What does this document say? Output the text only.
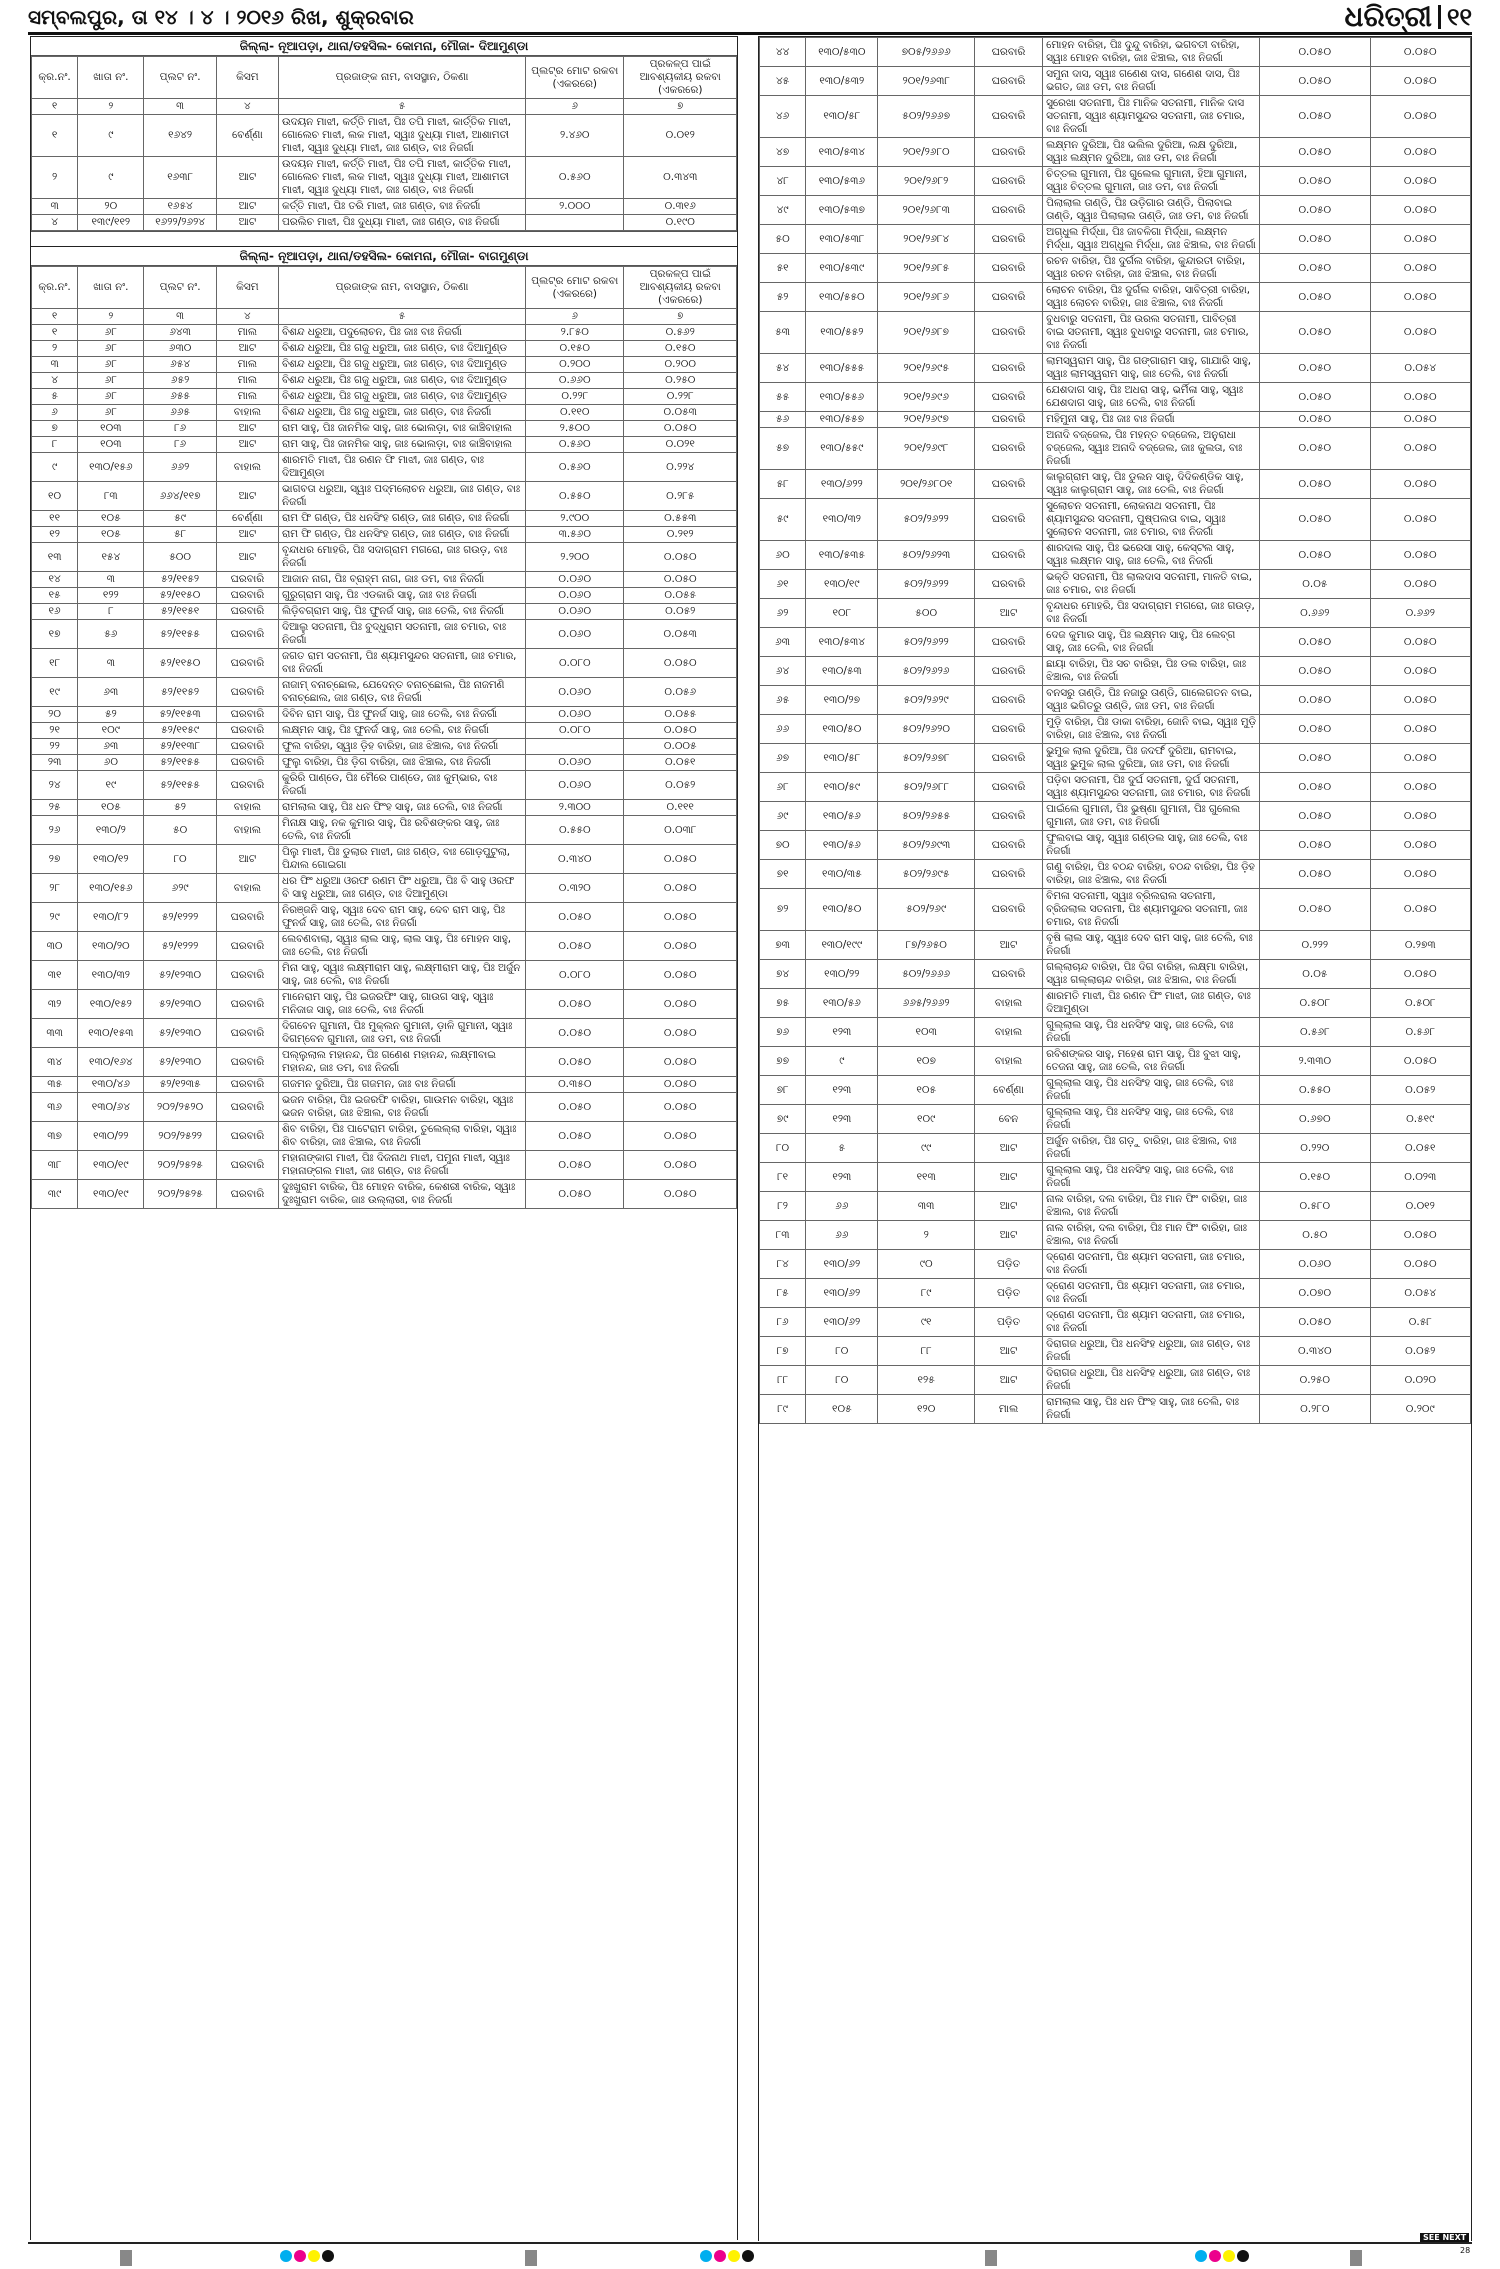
ସମ୍ବଲପୁର, ତା ୧୪ । ୪ । ୨୦୧୬ ରିଖ, ଶୁକ୍ରବାର	ଧରିତ୍ରୀ ୧୧
ଜିଲ୍ଲା- ନୂଆପଡ଼ା, ଥାନା/ତହସିଲ- କୋମନା, ମୌଜା- ଦିଆମୁଣ୍ଡା
କ୍ର.ନଂ.	ଖାତା ନଂ.	ପ୍ଲଟ ନଂ.	କିସମ	ପ୍ରଜାଙ୍କ ନାମ, ବାସସ୍ଥାନ, ଠିକଣା	ପ୍ଲଟ୍‌ର ମୋଟ ରକବା (ଏକରରେ)	ପ୍ରକଳ୍ପ ପାଇଁ ଆବଶ୍ୟକୀୟ ରକବା (ଏକରରେ)
୧	୨	୩	୪	୫	୬	୭
୧	୯	୧୬୪୨	ବେର୍ଣ୍ଣା	ଉଦୟନ ମାଝୀ, କର୍ତ୍ତି ମାଝୀ, ପିଃ ତପି ମାଝୀ, କାର୍ତ୍ତିକ ମାଝୀ, ଗୋଲେଚ ମାଝୀ, ଲକ ମାଝୀ, ସ୍ୱାଃ ଦୁଧ୍ୟା ମାଝୀ, ଆଶାମତୀ ମାଝୀ, ସ୍ୱାଃ ଦୁଧ୍ୟା ମାଝୀ, ଜାଃ ଗଣ୍ଡ, ବାଃ ନିଜର୍ଗା	୨.୪୬୦	୦.୦୧୨
୨	୯	୧୬୩୮	ଆଟ	ଉଦୟନ ମାଝୀ, କର୍ତ୍ତି ମାଝୀ, ପିଃ ତପି ମାଝୀ, କାର୍ତ୍ତିକ ମାଝୀ, ଗୋଲେଚ ମାଝୀ, ଲକ ମାଝୀ, ସ୍ୱାଃ ଦୁଧ୍ୟା ମାଝୀ, ଆଶାମତୀ ମାଝୀ, ସ୍ୱାଃ ଦୁଧ୍ୟା ମାଝୀ, ଜାଃ ଗଣ୍ଡ, ବାଃ ନିଜର୍ଗା	୦.୫୬୦	୦.୩୪୩
୩	୨୦	୧୬୫୪	ଆଟ	କର୍ତ୍ତି ମାଝୀ, ପିଃ ତରି ମାଝୀ, ଜାଃ ଗଣ୍ଡ, ବାଃ ନିଜର୍ଗା	୨.୦୦୦	୦.୩୧୬
୪	୧୩୯/୧୧୨	୧୬୨୨/୨୬୨୪	ଆଟ	ପରଲିଚ ମାଝୀ, ପିଃ ଦୁଧ୍ୟା ମାଝୀ, ଜାଃ ଗଣ୍ଡ, ବାଃ ନିଜର୍ଗା		୦.୧୯୦
ଜିଲ୍ଲା- ନୂଆପଡ଼ା, ଥାନା/ତହସିଲ- କୋମନା, ମୌଜା- ବାଗମୁଣ୍ଡା
କ୍ର.ନଂ.	ଖାତା ନଂ.	ପ୍ଲଟ ନଂ.	କିସମ	ପ୍ରଜାଙ୍କ ନାମ, ବାସସ୍ଥାନ, ଠିକଣା	ପ୍ଲଟ୍‌ର ମୋଟ ରକବା (ଏକରରେ)	ପ୍ରକଳ୍ପ ପାଇଁ ଆବଶ୍ୟକୀୟ ରକବା (ଏକରରେ)
୧	୨	୩	୪	୫	୬	୭
୧	୬୮	୬୪୩	ମାଲ	ବିଶନ୍ଦ ଧରୁଆ, ପଦୁଲୋଚନ, ପିଃ ଜାଃ ବାଃ ନିଜର୍ଗା	୨.୮୫୦	୦.୫୬୨
୨	୬୮	୬୩୦	ଆଟ	ବିଶନ୍ଦ ଧରୁଆ, ପିଃ ଗଜୁ ଧରୁଆ, ଜାଃ ଗଣ୍ଡ, ବାଃ ଦିଆମୁଣ୍ଡ	୦.୧୫୦	୦.୧୫୦
୩	୬୮	୬୫୪	ମାଲ	ବିଶନ୍ଦ ଧରୁଆ, ପିଃ ଗଜୁ ଧରୁଆ, ଜାଃ ଗଣ୍ଡ, ବାଃ ଦିଆମୁଣ୍ଡ	୦.୨୦୦	୦.୨୦୦
୪	୬୮	୬୫୨	ମାଲ	ବିଶନ୍ଦ ଧରୁଆ, ପିଃ ଗଜୁ ଧରୁଆ, ଜାଃ ଗଣ୍ଡ, ବାଃ ଦିଆମୁଣ୍ଡ	୦.୬୬୦	୦.୨୫୦
୫	୬୮	୬୫୫	ମାଲ	ବିଶନ୍ଦ ଧରୁଆ, ପିଃ ଗଜୁ ଧରୁଆ, ଜାଃ ଗଣ୍ଡ, ବାଃ ଦିଆମୁଣ୍ଡ	୦.୨୨୮	୦.୨୨୮
୬	୬୮	୬୬୫	ବାହାଲ	ବିଶନ୍ଦ ଧରୁଆ, ପିଃ ଗଜୁ ଧରୁଆ, ଜାଃ ଗଣ୍ଡ, ବାଃ ନିଜର୍ଗା	୦.୧୧୦	୦.୦୫୩
୭	୧୦୩	୮୬	ଆଟ	ରାମ ସାହୁ, ପିଃ ଜାନମିକ ସାହୁ, ଜାଃ ଭୋଲଡ଼ା, ବାଃ କାଞ୍ଚିବାହାଲ	୨.୫୦୦	୦.୦୫୦
୮	୧୦୩	୮୬	ଆଟ	ରାମ ସାହୁ, ପିଃ ଜାନମିକ ସାହୁ, ଜାଃ ଭୋଲଡ଼ା, ବାଃ କାଞ୍ଚିବାହାଲ	୦.୫୬୦	୦.୦୨୧
୯	୧୩୦/୧୫୬	୬୬୨	ବାହାଲ	ଶାରମତି ମାଝୀ, ପିଃ ରଣନ ଫି ମାଝୀ, ଜାଃ ଗଣ୍ଡ, ବାଃ ଦିଆମୁଣ୍ଡା	୦.୫୬୦	୦.୨୨୪
୧୦	୮୩	୬୬୪/୧୧୭	ଆଟ	ଭାଗବତା ଧରୁଆ, ସ୍ୱାଃ ପଦ୍ମଲୋଚନ ଧରୁଆ, ଜାଃ ଗଣ୍ଡ, ବାଃ ନିଜର୍ଗା	୦.୫୫୦	୦.୨୮୫
୧୧	୧୦୫	୫୯	ବେର୍ଣ୍ଣା	ରାମ ଫି ଗଣ୍ଡ, ପିଃ ଧନସିଂହ ଗଣ୍ଡ, ଜାଃ ଗଣ୍ଡ, ବାଃ ନିଜର୍ଗା	୨.୯୦୦	୦.୫୫୩
୧୨	୧୦୫	୫୮	ଆଟ	ରାମ ଫି ଗଣ୍ଡ, ପିଃ ଧନସିଂହ ଗଣ୍ଡ, ଜାଃ ଗଣ୍ଡ, ବାଃ ନିଜର୍ଗା	୩.୫୬୦	୦.୨୧୨
୧୩	୧୫୪	୫୦୦	ଆଟ	ବୃନ୍ଦାଧର ମୋହରି, ପିଃ ସଦାଗ୍ରାମ ମଗରୋ, ଜାଃ ଗଉଡ଼, ବାଃ ନିଜର୍ଗା	୨.୨୦୦	୦.୦୫୦
୧୪	୩	୫୨/୧୧୫୨	ଘରବାରି	ଆଜାନ ନାଗ, ପିଃ ବ୍ରାହ୍ମ ନାଗ, ଜାଃ ଡମ, ବାଃ ନିଜର୍ଗା	୦.୦୬୦	୦.୦୫୦
୧୫	୧୨୨	୫୨/୧୧୫୦	ଘରବାରି	ଗୁରୁଗ୍ରାମ ସାହୁ, ପିଃ ଏଡକାରି ସାହୁ, ଜାଃ ବାଃ ନିଜର୍ଗା	୦.୦୬୦	୦.୦୫୫
୧୬	୮	୫୨/୧୧୫୧	ଘରବାରି	ଲିଡ଼ିବଗ୍ରାମ ସାହୁ, ପିଃ ଫୁନର୍ଜ ସାହୁ, ଜାଃ ତେଲି, ବାଃ ନିଜର୍ଗା	୦.୦୬୦	୦.୦୫୨
୧୭	୫୬	୫୨/୧୧୫୫	ଘରବାରି	ଦିଆଲୁ ସତନାମୀ, ପିଃ ବୁଦ୍ଧୁରାମ ସତନାମୀ, ଜାଃ ଚମାର, ବାଃ ନିଜର୍ଗା	୦.୦୬୦	୦.୦୫୩
୧୮	୩	୫୨/୧୧୫୦	ଘରବାରି	ଜଗତ ରାମ ସତନାମୀ, ପିଃ ଶ୍ୟାମସୁନ୍ଦର ସତନାମୀ, ଜାଃ ଚମାର, ବାଃ ନିଜର୍ଗା	୦.୦୮୦	୦.୦୫୦
୧୯	୬୩	୫୨/୧୧୫୨	ଘରବାରି	ନାଜାମ୍ ବନାଚ୍ଛୋଲ, ଯେଦେନ୍ତ ବନାଚ୍ଛୋଲ, ପିଃ ନାଜମଣି ବନାଚ୍ଛୋଲ, ଜାଃ ଗଣ୍ଡ, ବାଃ ନିଜର୍ଗା	୦.୦୬୦	୦.୦୫୬
୨୦	୫୨	୫୨/୧୧୫୩	ଘରବାରି	ଦିବିନ ରାମ ସାହୁ, ପିଃ ଫୁନର୍ଜ ସାହୁ, ଜାଃ ତେଲି, ବାଃ ନିଜର୍ଗା	୦.୦୬୦	୦.୦୫୫
୨୧	୧୦୯	୫୨/୧୧୫୯	ଘରବାରି	ଲକ୍ଷ୍ମନ ସାହୁ, ପିଃ ଫୁନର୍ଜ ସାହୁ, ଜାଃ ତେଲି, ବାଃ ନିଜର୍ଗା	୦.୦୮୦	୦.୦୫୦
୨୨	୬୩	୫୨/୧୧୩୮	ଘରବାରି	ଫୁଲ ବାରିହା, ସ୍ୱାଃ ଡ଼ିହ ବାରିହା, ଜାଃ ଝିଞ୍ଚାଲ, ବାଃ ନିଜର୍ଗା		୦.୦୦୫
୨୩	୬୦	୫୨/୧୧୫୫	ଘରବାରି	ଫୁଲୁ ବାରିହା, ପିଃ ଡ଼ିଗ ବାରିହା, ଜାଃ ଝିଞ୍ଚାଲ, ବାଃ ନିଜର୍ଗା	୦.୦୬୦	୦.୦୫୧
୨୪	୧୯	୫୨/୧୧୫୫	ଘରବାରି	କୁରିରି ପାଣ୍ଡେ, ପିଃ ମୈରେ ପାଣ୍ଡେ, ଜାଃ କୁମ୍ଭାର, ବାଃ ନିଜର୍ଗା	୦.୦୬୦	୦.୦୫୨
୨୫	୧୦୫	୫୨	ବାହାଲ	ରାମଲାଲ ସାହୁ, ପିଃ ଧନ ଫିଂହ ସାହୁ, ଜାଃ ତେଲି, ବାଃ ନିଜର୍ଗା	୨.୩୦୦	୦.୧୧୧
୨୬	୧୩୦/୨	୫୦	ବାହାଲ	ମିନାକ୍ଷ ସାହୁ, ନକ କୁମାର ସାହୁ, ପିଃ ରବିଶଙ୍କର ସାହୁ, ଜାଃ ତେଲି, ବାଃ ନିଜର୍ଗା	୦.୫୫୦	୦.୦୩୮
୨୭	୧୩୦/୧୨	୮୦	ଆଟ	ପିଲୁ ମାଝୀ, ପିଃ ଡୁଲାର ମାଝୀ, ଜାଃ ଗଣ୍ଡ, ବାଃ ଗୋଡ଼ପୁଟୁଲା, ପିନ୍ଦାଲ ଗୋଇଗା	୦.୩୪୦	୦.୦୫୦
୨୮	୧୩୦/୧୫୬	୬୨୯	ବାହାଲ	ଧର ଫିଂ ଧରୁଆ ଓରଫ ରଣମ ଫିଂ ଧରୁଆ, ପିଃ ବି ସାହୁ ଓରଫ ବି ସାହୁ ଧରୁଆ, ଜାଃ ଗଣ୍ଡ, ବାଃ ଦିଆମୁଣ୍ଡା	୦.୩୨୦	୦.୦୫୦
୨୯	୧୩୦/୮୨	୫୨/୧୨୨୨	ଘରବାରି	ନିରଞ୍ଜନି ସାହୁ, ସ୍ୱାଃ ଦେବ ରାମ ସାହୁ, ଦେବ ରାମ ସାହୁ, ପିଃ ଫୁନର୍ଜ ସାହୁ, ଜାଃ ତେଲି, ବାଃ ନିଜର୍ଗା	୦.୦୫୦	୦.୦୫୦
୩୦	୧୩୦/୨୦	୫୨/୧୨୨୨	ଘରବାରି	ଲେବଣବାଲା, ସ୍ୱାଃ ଲାଲ ସାହୁ, ଲାଲ ସାହୁ, ପିଃ ମୋହନ ସାହୁ, ଜାଃ ତେଲି, ବାଃ ନିଜର୍ଗା	୦.୦୫୦	୦.୦୫୦
୩୧	୧୩୦/୩୨	୫୨/୧୨୩୦	ଘରବାରି	ମିନା ସାହୁ, ସ୍ୱାଃ ଲକ୍ଷ୍ମୀରାମ ସାହୁ, ଲକ୍ଷ୍ମୀରାମ ସାହୁ, ପିଃ ଅର୍ଜୁନ ସାହୁ, ଜାଃ ତେଲି, ବାଃ ନିଜର୍ଗା	୦.୦୮୦	୦.୦୫୦
୩୨	୧୩୦/୧୫୨	୫୨/୧୨୩୦	ଘରବାରି	ମାନେରାମ ସାହୁ, ପିଃ ଇଜରଫିଂ ସାହୁ, ଗାଉଗ ସାହୁ, ସ୍ୱାଃ ମନିଜାଜ ସାହୁ, ଜାଃ ତେଲି, ବାଃ ନିଜର୍ଗା	୦.୦୫୦	୦.୦୫୦
୩୩	୧୩୦/୧୫୩	୫୨/୧୨୩୦	ଘରବାରି	ଦିଗବେନ ଗୁମାନୀ, ପିଃ ମୁକ୍ଲନ ଗୁମାନୀ, ଡ଼ାଳି ଗୁମାନୀ, ସ୍ୱାଃ ଦିଗମ୍ବେନ ଗୁମାନୀ, ଜାଃ ଡମ, ବାଃ ନିଜର୍ଗା	୦.୦୫୦	୦.୦୫୦
୩୪	୧୩୦/୧୬୪	୫୨/୧୨୩୦	ଘରବାରି	ପଲ୍ଲୁଲାଲ ମହାନନ୍ଦ, ପିଃ ଗଣେଶ ମହାନନ୍ଦ, ଲକ୍ଷ୍ମୀବାଇ ମହାନନ୍ଦ, ଜାଃ ଡମ, ବାଃ ନିଜର୍ଗା	୦.୦୫୦	୦.୦୫୦
୩୫	୧୩୦/୪୬	୫୨/୧୨୩୫	ଘରବାରି	ଗଜମନ ଦୁରିଆ, ପିଃ ଗଜମନ, ଜାଃ ବାଃ ନିଜର୍ଗା	୦.୩୫୦	୦.୦୫୦
୩୬	୧୩୦/୬୪	୨୦୨/୨୫୨୦	ଘରବାରି	ଭଜନ ବାରିହା, ପିଃ ଇଜରଫି ବାରିହା, ଗାଉମନ ବାରିହା, ସ୍ୱାଃ ଭଜନ ବାରିହା, ଜାଃ ଝିଞ୍ଚାଲ, ବାଃ ନିଜର୍ଗା	୦.୦୫୦	୦.୦୫୦
୩୭	୧୩୦/୨୨	୨୦୨/୨୫୨୨	ଘରବାରି	ଶିବ ବାରିହା, ପିଃ ପାଟେରାମ ବାରିହା, ତୁଲେଲ୍ଲା ବାରିହା, ସ୍ୱାଃ ଶିବ ବାରିହା, ଜାଃ ଝିଞ୍ଚାଲ, ବାଃ ନିଜର୍ଗା	୦.୦୫୦	୦.୦୫୦
୩୮	୧୩୦/୧୯	୨୦୨/୨୫୨୫	ଘରବାରି	ମହାନାଙ୍କାଗ ମାଝୀ, ପିଃ ଦିଜନାଥ ମାଝୀ, ପମୁନା ମାଝୀ, ସ୍ୱାଃ ମହାନାଙ୍ଗଲ ମାଝୀ, ଜାଃ ଗଣ୍ଡ, ବାଃ ନିଜର୍ଗା	୦.୦୫୦	୦.୦୫୦
୩୯	୧୩୦/୧୯	୨୦୨/୨୫୨୫	ଘରବାରି	ଦୁଃଖୁରାମ ବାରିକ, ପିଃ ମୋହନ ବାରିକ, କେଶରୀ ବାରିକ, ସ୍ୱାଃ ଦୁଃଖୁରାମ ବାରିକ, ଜାଃ ଉଲ୍ଲାରୀ, ବାଃ ନିଜର୍ଗା	୦.୦୫୦	୦.୦୫୦
୪୪	୧୩୦/୫୩୦	୭୦୫/୨୬୬୬	ଘରବାରି	ମୋହନ ବାରିହା, ପିଃ ଦୁନ୍ଦୁ ବାରିହା, ଭଗବତୀ ବାରିହା, ସ୍ୱାଃ ମୋହନ ବାରିହା, ଜାଃ ଝିଞ୍ଚାଲ, ବାଃ ନିଜର୍ଗା	୦.୦୫୦	୦.୦୫୦
୪୫	୧୩୦/୫୩୨	୨୦୧/୨୬୩୮	ଘରବାରି	ସମୁନା ଦାସ, ସ୍ୱାଃ ଗଣେଶ ଦାସ, ଗଣେଶ ଦାସ, ପିଃ ଭଗତ, ଜାଃ ଡମ, ବାଃ ନିଜର୍ଗା	୦.୦୫୦	୦.୦୫୦
୪୬	୧୩୦/୫୮	୫୦୨/୨୬୬୭	ଘରବାରି	ସୁରେଖା ସତନାମୀ, ପିଃ ମାନିକ ସତନାମୀ, ମାନିକ ଦାସ ସତନାମୀ, ସ୍ୱାଃ ଶ୍ୟାମସୁନ୍ଦର ସତନାମୀ, ଜାଃ ଚମାର, ବାଃ ନିଜର୍ଗା	୦.୦୫୦	୦.୦୫୦
୪୭	୧୩୦/୫୩୪	୨୦୧/୨୬୮୦	ଘରବାରି	ଲକ୍ଷ୍ମନ ଦୁରିଆ, ପିଃ ଭଲିଲ ଦୁରିଆ, ଲକ୍ଷ ଦୁରିଆ, ସ୍ୱାଃ ଲକ୍ଷ୍ମନ ଦୁରିଆ, ଜାଃ ଡମ, ବାଃ ନିଜର୍ଗା	୦.୦୫୦	୦.୦୫୦
୪୮	୧୩୦/୫୩୬	୨୦୧/୨୬୮୨	ଘରବାରି	ଚିତ୍ତଲ ଗୁମାନୀ, ପିଃ ଗୁଲେଲ ଗୁମାନୀ, ହିଆ ଗୁମାନୀ, ସ୍ୱାଃ ଚିତ୍ତଲ ଗୁମାନୀ, ଜାଃ ଡମ, ବାଃ ନିଜର୍ଗା	୦.୦୫୦	୦.୦୫୦
୪୯	୧୩୦/୫୩୭	୨୦୧/୨୬୮୩	ଘରବାରି	ପିଲାଲାଲ ତାଣ୍ଡି, ପିଃ ଉଡ଼ିଗାର ତାଣ୍ଡି, ପିଲାବାଇ ତାଣ୍ଡି, ସ୍ୱାଃ ପିଲାଲାଲ ତାଣ୍ଡି, ଜାଃ ଡମ, ବାଃ ନିଜର୍ଗା	୦.୦୫୦	୦.୦୫୦
୫୦	୧୩୦/୫୩୮	୨୦୧/୨୬୮୪	ଘରବାରି	ଅଗ୍ଧୁଲ ମିର୍ଦ୍ଧା, ପିଃ ଜାବଳିଗା ମିର୍ଦ୍ଧା, ଲକ୍ଷ୍ମନ ମିର୍ଦ୍ଧା, ସ୍ୱାଃ ଅଗ୍ଧୁଲ ମିର୍ଦ୍ଧା, ଜାଃ ଝିଞ୍ଚାଲ, ବାଃ ନିଜର୍ଗା	୦.୦୫୦	୦.୦୫୦
୫୧	୧୩୦/୫୩୯	୨୦୧/୨୬୮୫	ଘରବାରି	ରଚନ ବାରିହା, ପିଃ ଦୁର୍ଗଲ ବାରିହା, କୁନ୍ଦାରତୀ ବାରିହା, ସ୍ୱାଃ ରଚନ ବାରିହା, ଜାଃ ଝିଞ୍ଚାଲ, ବାଃ ନିଜର୍ଗା	୦.୦୫୦	୦.୦୫୦
୫୨	୧୩୦/୫୫୦	୨୦୧/୨୬୮୬	ଘରବାରି	ଲୋଚନ ବାରିହା, ପିଃ ଦୁର୍ଗଲ ବାରିହା, ସାବିତ୍ରୀ ବାରିହା, ସ୍ୱାଃ ଲୋଚନ ବାରିହା, ଜାଃ ଝିଞ୍ଚାଲ, ବାଃ ନିଜର୍ଗା	୦.୦୫୦	୦.୦୫୦
୫୩	୧୩୦/୫୫୨	୨୦୧/୨୬୮୭	ଘରବାରି	ବୁଧବାରୁ ସତନାମୀ, ପିଃ ଉରଲ ସତନାମୀ, ପାବିତ୍ରୀ ବାଇ ସତନାମୀ, ସ୍ୱାଃ ବୁଧବାରୁ ସତନାମୀ, ଜାଃ ଚମାର, ବାଃ ନିଜର୍ଗା	୦.୦୫୦	୦.୦୫୦
୫୪	୧୩୦/୫୫୫	୨୦୧/୨୬୯୫	ଘରବାରି	ଲାମସ୍ୱରାମ ସାହୁ, ପିଃ ଗଙ୍ଗାରାମ ସାହୁ, ଗାଯାରି ସାହୁ, ସ୍ୱାଃ ଲାମସ୍ୱରାମ ସାହୁ, ଜାଃ ତେଲି, ବାଃ ନିଜର୍ଗା	୦.୦୫୦	୦.୦୫୪
୫୫	୧୩୦/୫୫୬	୨୦୧/୨୬୯୬	ଘରବାରି	ଯେଶଦାଗ ସାହୁ, ପିଃ ଅଧରା ସାହୁ, ଭର୍ମିଳା ସାହୁ, ସ୍ୱାଃ ଯେଶଦାଗ ସାହୁ, ଜାଃ ତେଲି, ବାଃ ନିଜର୍ଗା	୦.୦୫୦	୦.୦୫୦
୫୬	୧୩୦/୫୫୭	୨୦୧/୨୬୯୭	ଘରବାରି	ମହିମୁନୀ ସାହୁ, ପିଃ ଜାଃ ବାଃ ନିଜର୍ଗା	୦.୦୫୦	୦.୦୫୦
୫୭	୧୩୦/୫୫୯	୨୦୧/୨୬୯୮	ଘରବାରି	ଅନାଦି ବଜ୍ଜେଲ, ପିଃ ମହନ୍ତ ବଜ୍ଜେଲ, ଅନୁରାଧା ବଜ୍ଜେଲ, ସ୍ୱାଃ ଅନାଦି ବଜ୍ଜେଲ, ଜାଃ କୁଲତା, ବାଃ ନିଜର୍ଗା	୦.୦୫୦	୦.୦୫୦
୫୮	୧୩୦/୬୨୨	୨୦୧/୨୬୮୦୧	ଘରବାରି	କାଲୁଗ୍ରାମ ସାହୁ, ପିଃ ଡୁଲନ ସାହୁ, ଦିଦିକଣ୍ଡିକ ସାହୁ, ସ୍ୱାଃ କାଲୁଗ୍ରାମ ସାହୁ, ଜାଃ ତେଲି, ବାଃ ନିଜର୍ଗା	୦.୦୫୦	୦.୦୫୦
୫୯	୧୩୦/୩୨	୫୦୨/୨୬୨୨	ଘରବାରି	ସୁଲୋଚନ ସତନାମୀ, ଲୋକନାଥ ସତନାମୀ, ପିଃ ଶ୍ୟାମସୁନ୍ଦର ସତନାମୀ, ପୁଷ୍ପଲତା ବାଇ, ସ୍ୱାଃ ସୁଲୋଚନ ସତନାମୀ, ଜାଃ ଚମାର, ବାଃ ନିଜର୍ଗା	୦.୦୫୦	୦.୦୫୦
୬୦	୧୩୦/୫୩୫	୫୦୨/୨୬୨୩	ଘରବାରି	ଶାରଦାଲ ସାହୁ, ପିଃ ଭରେସା ସାହୁ, କେସ୍ଟଲ ସାହୁ, ସ୍ୱାଃ ଲକ୍ଷ୍ମନ ସାହୁ, ଜାଃ ତେଲି, ବାଃ ନିଜର୍ଗା	୦.୦୫୦	୦.୦୫୦
୬୧	୧୩୦/୧୯	୫୦୨/୨୬୨୨	ଘରବାରି	ଭକ୍ତି ସତନାମୀ, ପିଃ ଲାଲଦାସ ସତନାମୀ, ମାଳତି ବାଇ, ଜାଃ ଚମାର, ବାଃ ନିଜର୍ଗା	୦.୦୫	୦.୦୫୦
୬୨	୧୦୮	୫୦୦	ଆଟ	ବୃନ୍ଦାଧର ମୋହରି, ପିଃ ସଦାଗ୍ରାମ ମଗରୋ, ଜାଃ ଗଉଡ଼, ବାଃ ନିଜର୍ଗା	୦.୬୬୨	୦.୬୬୨
୬୩	୧୩୦/୫୩୪	୫୦୨/୨୬୨୨	ଘରବାରି	ଦେଜ କୁମାର ସାହୁ, ପିଃ ଲକ୍ଷ୍ମନ ସାହୁ, ପିଃ ଲେବ୍ଗ ସାହୁ, ଜାଃ ତେଲି, ବାଃ ନିଜର୍ଗା	୦.୦୫୦	୦.୦୫୦
୬୪	୧୩୦/୫୩	୫୦୨/୨୬୨୬	ଘରବାରି	ଛାୟା ବାରିହା, ପିଃ ସଚ ବାରିହା, ପିଃ ଡଲ ବାରିହା, ଜାଃ ଝିଞ୍ଚାଲ, ବାଃ ନିଜର୍ଗା	୦.୦୫୦	୦.୦୫୦
୬୫	୧୩୦/୨୭	୫୦୨/୨୬୨୯	ଘରବାରି	ବନସରୁ ତାଣ୍ଡି, ପିଃ ନଜାରୁ ତାଣ୍ଡି, ଗାଲେଗତନ ବାଇ, ସ୍ୱାଃ ଭଗିତରୁ ତାଣ୍ଡି, ଜାଃ ଡମ, ବାଃ ନିଜର୍ଗା	୦.୦୫୦	୦.୦୫୦
୬୬	୧୩୦/୫୦	୫୦୨/୨୬୨୦	ଘରବାରି	ମୁଡ଼ି ବାରିହା, ପିଃ ଡାକା ବାରିହା, ଜୋନି ବାଇ, ସ୍ୱାଃ ମୁଡ଼ି ବାରିହା, ଜାଃ ଝିଞ୍ଚାଲ, ବାଃ ନିଜର୍ଗା	୦.୦୫୦	୦.୦୫୦
୬୭	୧୩୦/୫୮	୫୦୨/୨୬୭୮	ଘରବାରି	ଭୁମୁକ ଲାଲ ଦୁରିଆ, ପିଃ ଜଦର୍ଫ ଦୁରିଆ, ରାମବାଇ, ସ୍ୱାଃ ଭୁମୁକ ଲାଲ ଦୁରିଆ, ଜାଃ ଡମ, ବାଃ ନିଜର୍ଗା	୦.୦୫୦	୦.୦୫୦
୬୮	୧୩୦/୫୯	୫୦୨/୨୬୮୮	ଘରବାରି	ପଡ଼ିବା ସତନାମୀ, ପିଃ ଦୁର୍ଘ ସତନାମୀ, ଦୁର୍ଘ ସତନାମୀ, ସ୍ୱାଃ ଶ୍ୟାମସୁନ୍ଦର ସତନାମୀ, ଜାଃ ଚମାର, ବାଃ ନିଜର୍ଗା	୦.୦୫୦	୦.୦୫୦
୬୯	୧୩୦/୫୬	୫୦୨/୨୬୫୫	ଘରବାରି	ପାଇଁଲେ ଗୁମାନୀ, ପିଃ ଭୁଷ୍ଣା ଗୁମାନୀ, ପିଃ ଗୁଲେଲ ଗୁମାନୀ, ଜାଃ ଡମ, ବାଃ ନିଜର୍ଗା	୦.୦୫୦	୦.୦୫୦
୭୦	୧୩୦/୫୬	୫୦୨/୨୬୯୩	ଘରବାରି	ଫୁଲବାଇ ସାହୁ, ସ୍ୱାଃ ଗଣ୍ଡଲ ସାହୁ, ଜାଃ ତେଲି, ବାଃ ନିଜର୍ଗା	୦.୦୫୦	୦.୦୫୦
୭୧	୧୩୦/୩୫	୫୦୨/୨୬୯୫	ଘରବାରି	ଗଣୁ ବାରିହା, ପିଃ ବଠନ୍ଦ ବାରିହା, ବଠନ୍ଦ ବାରିହା, ପିଃ ଡ଼ିହ ବାରିହା, ଜାଃ ଝିଞ୍ଚାଲ, ବାଃ ନିଜର୍ଗା	୦.୦୫୦	୦.୦୫୦
୭୨	୧୩୦/୫୦	୫୦୨/୨୬୯	ଘରବାରି	ବିମଳା ସତନାମୀ, ସ୍ୱାଃ ବ୍ରିଲରାଲ ସତନାମୀ, ବ୍ରିଜଲାଲ ସତନାମୀ, ପିଃ ଶ୍ୟାମସୁନ୍ଦର ସତନାମୀ, ଜାଃ ଚମାର, ବାଃ ନିଜର୍ଗା	୦.୦୫୦	୦.୦୫୦
୭୩	୧୩୦/୧୯୯	୮୭/୨୬୫୦	ଆଟ	ବୃଷି ଲାଲ ସାହୁ, ସ୍ୱାଃ ଦେବ ରାମ ସାହୁ, ଜାଃ ତେଲି, ବାଃ ନିଜର୍ଗା	୦.୨୨୨	୦.୨୭୩
୭୪	୧୩୦/୨୨	୫୦୨/୨୬୬୬	ଘରବାରି	ଗଲ୍ଲାଚାନ୍ଦ ବାରିହା, ପିଃ ଦିଗ ବାରିହା, ଲକ୍ଷ୍ମା ବାରିହା, ସ୍ୱାଃ ଗଲ୍ଲାଚାନ୍ଦ ବାରିହା, ଜାଃ ଝିଞ୍ଚାଲ, ବାଃ ନିଜର୍ଗା	୦.୦୫	୦.୦୫୦
୭୫	୧୩୦/୫୬	୬୬୫/୨୬୬୨	ବାହାଲ	ଶାରମତି ମାଝୀ, ପିଃ ରଣନ ଫିଂ ମାଝୀ, ଜାଃ ଗଣ୍ଡ, ବାଃ ଦିଆମୁଣ୍ଡା	୦.୫୦୮	୦.୫୦୮
୭୬	୧୨୩	୧୦୩	ବାହାଲ	ଗୁଲ୍ଲାଲ ସାହୁ, ପିଃ ଧନସିଂହ ସାହୁ, ଜାଃ ତେଲି, ବାଃ ନିଜର୍ଗା	୦.୫୬୮	୦.୫୬୮
୭୭	୯	୧୦୭	ବାହାଲ	ରବିଶଙ୍କର ସାହୁ, ମହେଶ ରାମ ସାହୁ, ପିଃ ବୁଝା ସାହୁ, ତେଜନା ସାହୁ, ଜାଃ ତେଲି, ବାଃ ନିଜର୍ଗା	୨.୩୩୦	୦.୦୫୦
୭୮	୧୨୩	୧୦୫	ବେର୍ଣ୍ଣା	ଗୁଲ୍ଲାଲ ସାହୁ, ପିଃ ଧନସିଂହ ସାହୁ, ଜାଃ ତେଲି, ବାଃ ନିଜର୍ଗା	୦.୫୫୦	୦.୦୫୨
୭୯	୧୨୩	୧୦୯	ବେନ	ଗୁଲ୍ଲାଲ ସାହୁ, ପିଃ ଧନସିଂହ ସାହୁ, ଜାଃ ତେଲି, ବାଃ ନିଜର୍ଗା	୦.୬୭୦	୦.୫୧୯
୮୦	୫	୯୯	ଆଟ	ଅର୍ଜୁନ ବାରିହା, ପିଃ ଗଡ଼ୁ ବାରିହା, ଜାଃ ଝିଞ୍ଚାଲ, ବାଃ ନିଜର୍ଗା	୦.୨୨୦	୦.୦୫୧
୮୧	୧୨୩	୧୧୩	ଆଟ	ଗୁଲ୍ଲାଲ ସାହୁ, ପିଃ ଧନସିଂହ ସାହୁ, ଜାଃ ତେଲି, ବାଃ ନିଜର୍ଗା	୦.୧୫୦	୦.୦୨୩
୮୨	୬୬	୩୩	ଆଟ	ନାଲ ବାରିହା, ଦଲ ବାରିହା, ପିଃ ମାନ ଫିଂ ବାରିହା, ଜାଃ ଝିଞ୍ଚାଲ, ବାଃ ନିଜର୍ଗା	୦.୫୮୦	୦.୦୧୨
୮୩	୬୬	୨	ଆଟ	ନାଲ ବାରିହା, ଦଲ ବାରିହା, ପିଃ ମାନ ଫିଂ ବାରିହା, ଜାଃ ଝିଞ୍ଚାଲ, ବାଃ ନିଜର୍ଗା	୦.୫୦	୦.୦୫୦
୮୪	୧୩୦/୬୨	୯୦	ପଡ଼ିତ	ଦ୍ରୋଣ ସତନାମୀ, ପିଃ ଶ୍ୟାମ ସତନାମୀ, ଜାଃ ଚମାର, ବାଃ ନିଜର୍ଗା	୦.୦୬୦	୦.୦୫୦
୮୫	୧୩୦/୬୨	୮୯	ପଡ଼ିତ	ଦ୍ରୋଣ ସତନାମୀ, ପିଃ ଶ୍ୟାମ ସତନାମୀ, ଜାଃ ଚମାର, ବାଃ ନିଜର୍ଗା	୦.୦୭୦	୦.୦୫୪
୮୬	୧୩୦/୬୨	୯୧	ପଡ଼ିତ	ଦ୍ରୋଣ ସତନାମୀ, ପିଃ ଶ୍ୟାମ ସତନାମୀ, ଜାଃ ଚମାର, ବାଃ ନିଜର୍ଗା	୦.୦୫୦	୦.୫୮
୮୭	୮୦	୮୮	ଆଟ	ଦିରାଗଜ ଧରୁଆ, ପିଃ ଧନସିଂହ ଧରୁଆ, ଜାଃ ଗଣ୍ଡ, ବାଃ ନିଜର୍ଗା	୦.୩୪୦	୦.୦୫୨
୮୮	୮୦	୧୨୫	ଆଟ	ଦିରାଗଜ ଧରୁଆ, ପିଃ ଧନସିଂହ ଧରୁଆ, ଜାଃ ଗଣ୍ଡ, ବାଃ ନିଜର୍ଗା	୦.୨୫୦	୦.୦୨୦
୮୯	୧୦୫	୧୨୦	ମାଲ	ରାମଲାଲ ସାହୁ, ପିଃ ଧନ ଫିଂହ ସାହୁ, ଜାଃ ତେଲି, ବାଃ ନିଜର୍ଗା	୦.୨୮୦	୦.୨୦୯
SEE NEXT
28
